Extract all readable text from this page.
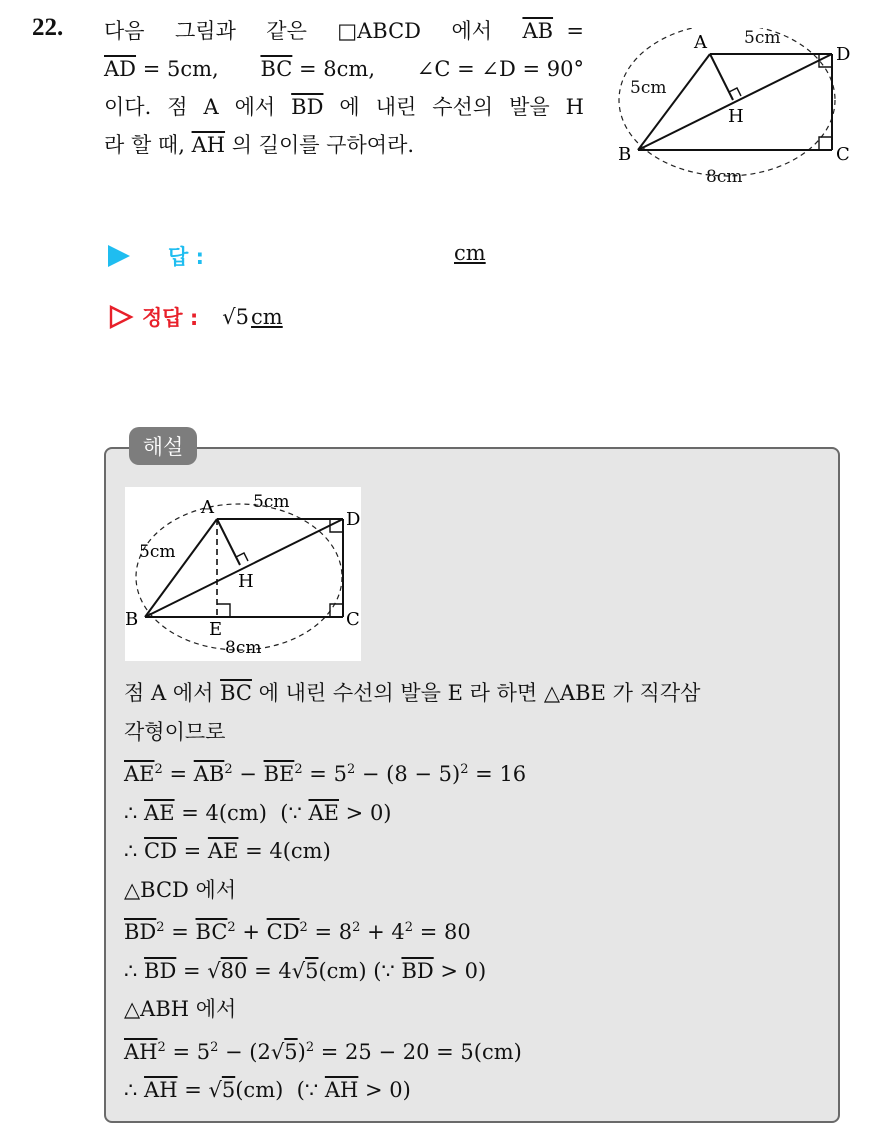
22. 다음 그림과 같은 □ABCD 에서 $\overline{AB}$  =
$\overline{AD} = 5cm$, $\overline{BC} = 8cm$, ∠C = ∠D = 90°
이다. 점 A 에서 $\overline{BD}$ 에 내린 수선의 발을 H
라 할 때, $\overline{AH}$ 의 길이를 구하여라.
A
B	C
D
H
5cm
5cm
8cm
답 :	cm
정답 : √5 cm
해설
A
B	C
D
E
H
5cm
5cm
8cm
점 A 에서 $\overline{BC}$ 에 내린 수선의 발을 E 라 하면 △ABE 가 직각삼
각형이므로
$\overline{AE}^2 = \overline{AB}^2 - \overline{BE}^2 = 5^2 - (8 - 5)^2 = 16$
∴ $\overline{AE} = 4(cm)$  (∵ $\overline{AE} > 0$)
∴ $\overline{CD} = \overline{AE} = 4(cm)$
△BCD 에서
$\overline{BD}^2 = \overline{BC}^2 + \overline{CD}^2 = 8^2 + 4^2 = 80$
∴ $\overline{BD} = √80 = 4√5(cm)$ (∵ $\overline{BD} > 0$)
△ABH 에서
$\overline{AH}^2 = 5^2 - (2√5)^2 = 25 - 20 = 5(cm)$
∴ $\overline{AH} = √5(cm)$  (∵ $\overline{AH} > 0$)
